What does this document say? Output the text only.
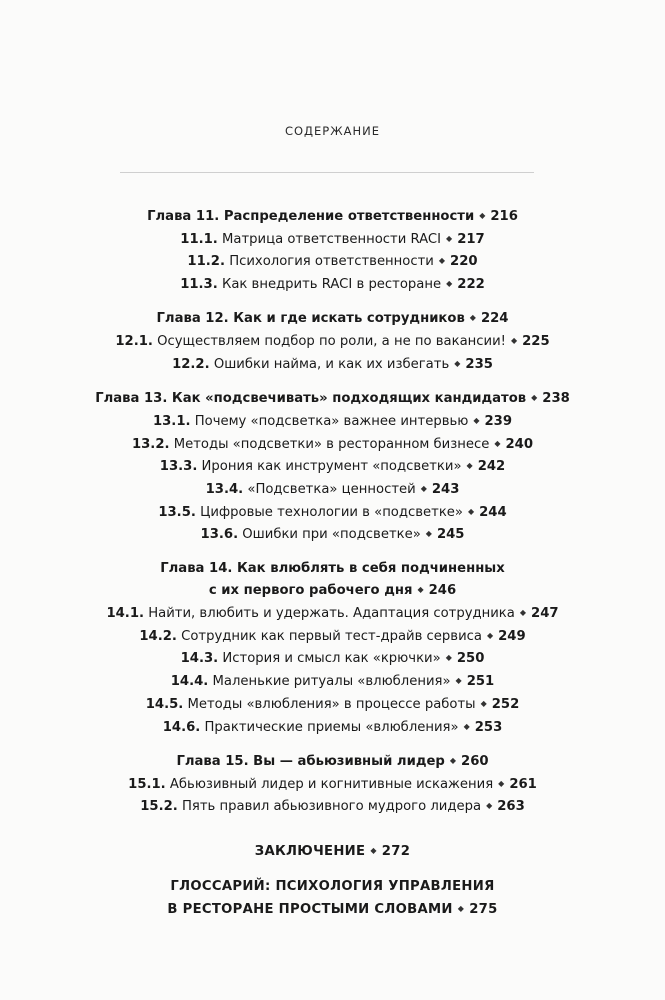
СОДЕРЖАНИЕ

Глава 11. Распределение ответственности ◆ 216

11.1. Матрица ответственности RACI ◆ 217

11.2. Психология ответственности ◆ 220

11.3. Как внедрить RACI в ресторане ◆ 222

Глава 12. Как и где искать сотрудников ◆ 224

12.1. Осуществляем подбор по роли, а не по вакансии! ◆ 225

12.2. Ошибки найма, и как их избегать ◆ 235

Глава 13. Как «подсвечивать» подходящих кандидатов ◆ 238

13.1. Почему «подсветка» важнее интервью ◆ 239

13.2. Методы «подсветки» в ресторанном бизнесе ◆ 240

13.3. Ирония как инструмент «подсветки» ◆ 242

13.4. «Подсветка» ценностей ◆ 243

13.5. Цифровые технологии в «подсветке» ◆ 244

13.6. Ошибки при «подсветке» ◆ 245

Глава 14. Как влюблять в себя подчиненных

с их первого рабочего дня ◆ 246

14.1. Найти, влюбить и удержать. Адаптация сотрудника ◆ 247

14.2. Сотрудник как первый тест-драйв сервиса ◆ 249

14.3. История и смысл как «крючки» ◆ 250

14.4. Маленькие ритуалы «влюбления» ◆ 251

14.5. Методы «влюбления» в процессе работы ◆ 252

14.6. Практические приемы «влюбления» ◆ 253

Глава 15. Вы — абьюзивный лидер ◆ 260

15.1. Абьюзивный лидер и когнитивные искажения ◆ 261

15.2. Пять правил абьюзивного мудрого лидера ◆ 263

ЗАКЛЮЧЕНИЕ ◆ 272

ГЛОССАРИЙ: ПСИХОЛОГИЯ УПРАВЛЕНИЯ

В РЕСТОРАНЕ ПРОСТЫМИ СЛОВАМИ ◆ 275
